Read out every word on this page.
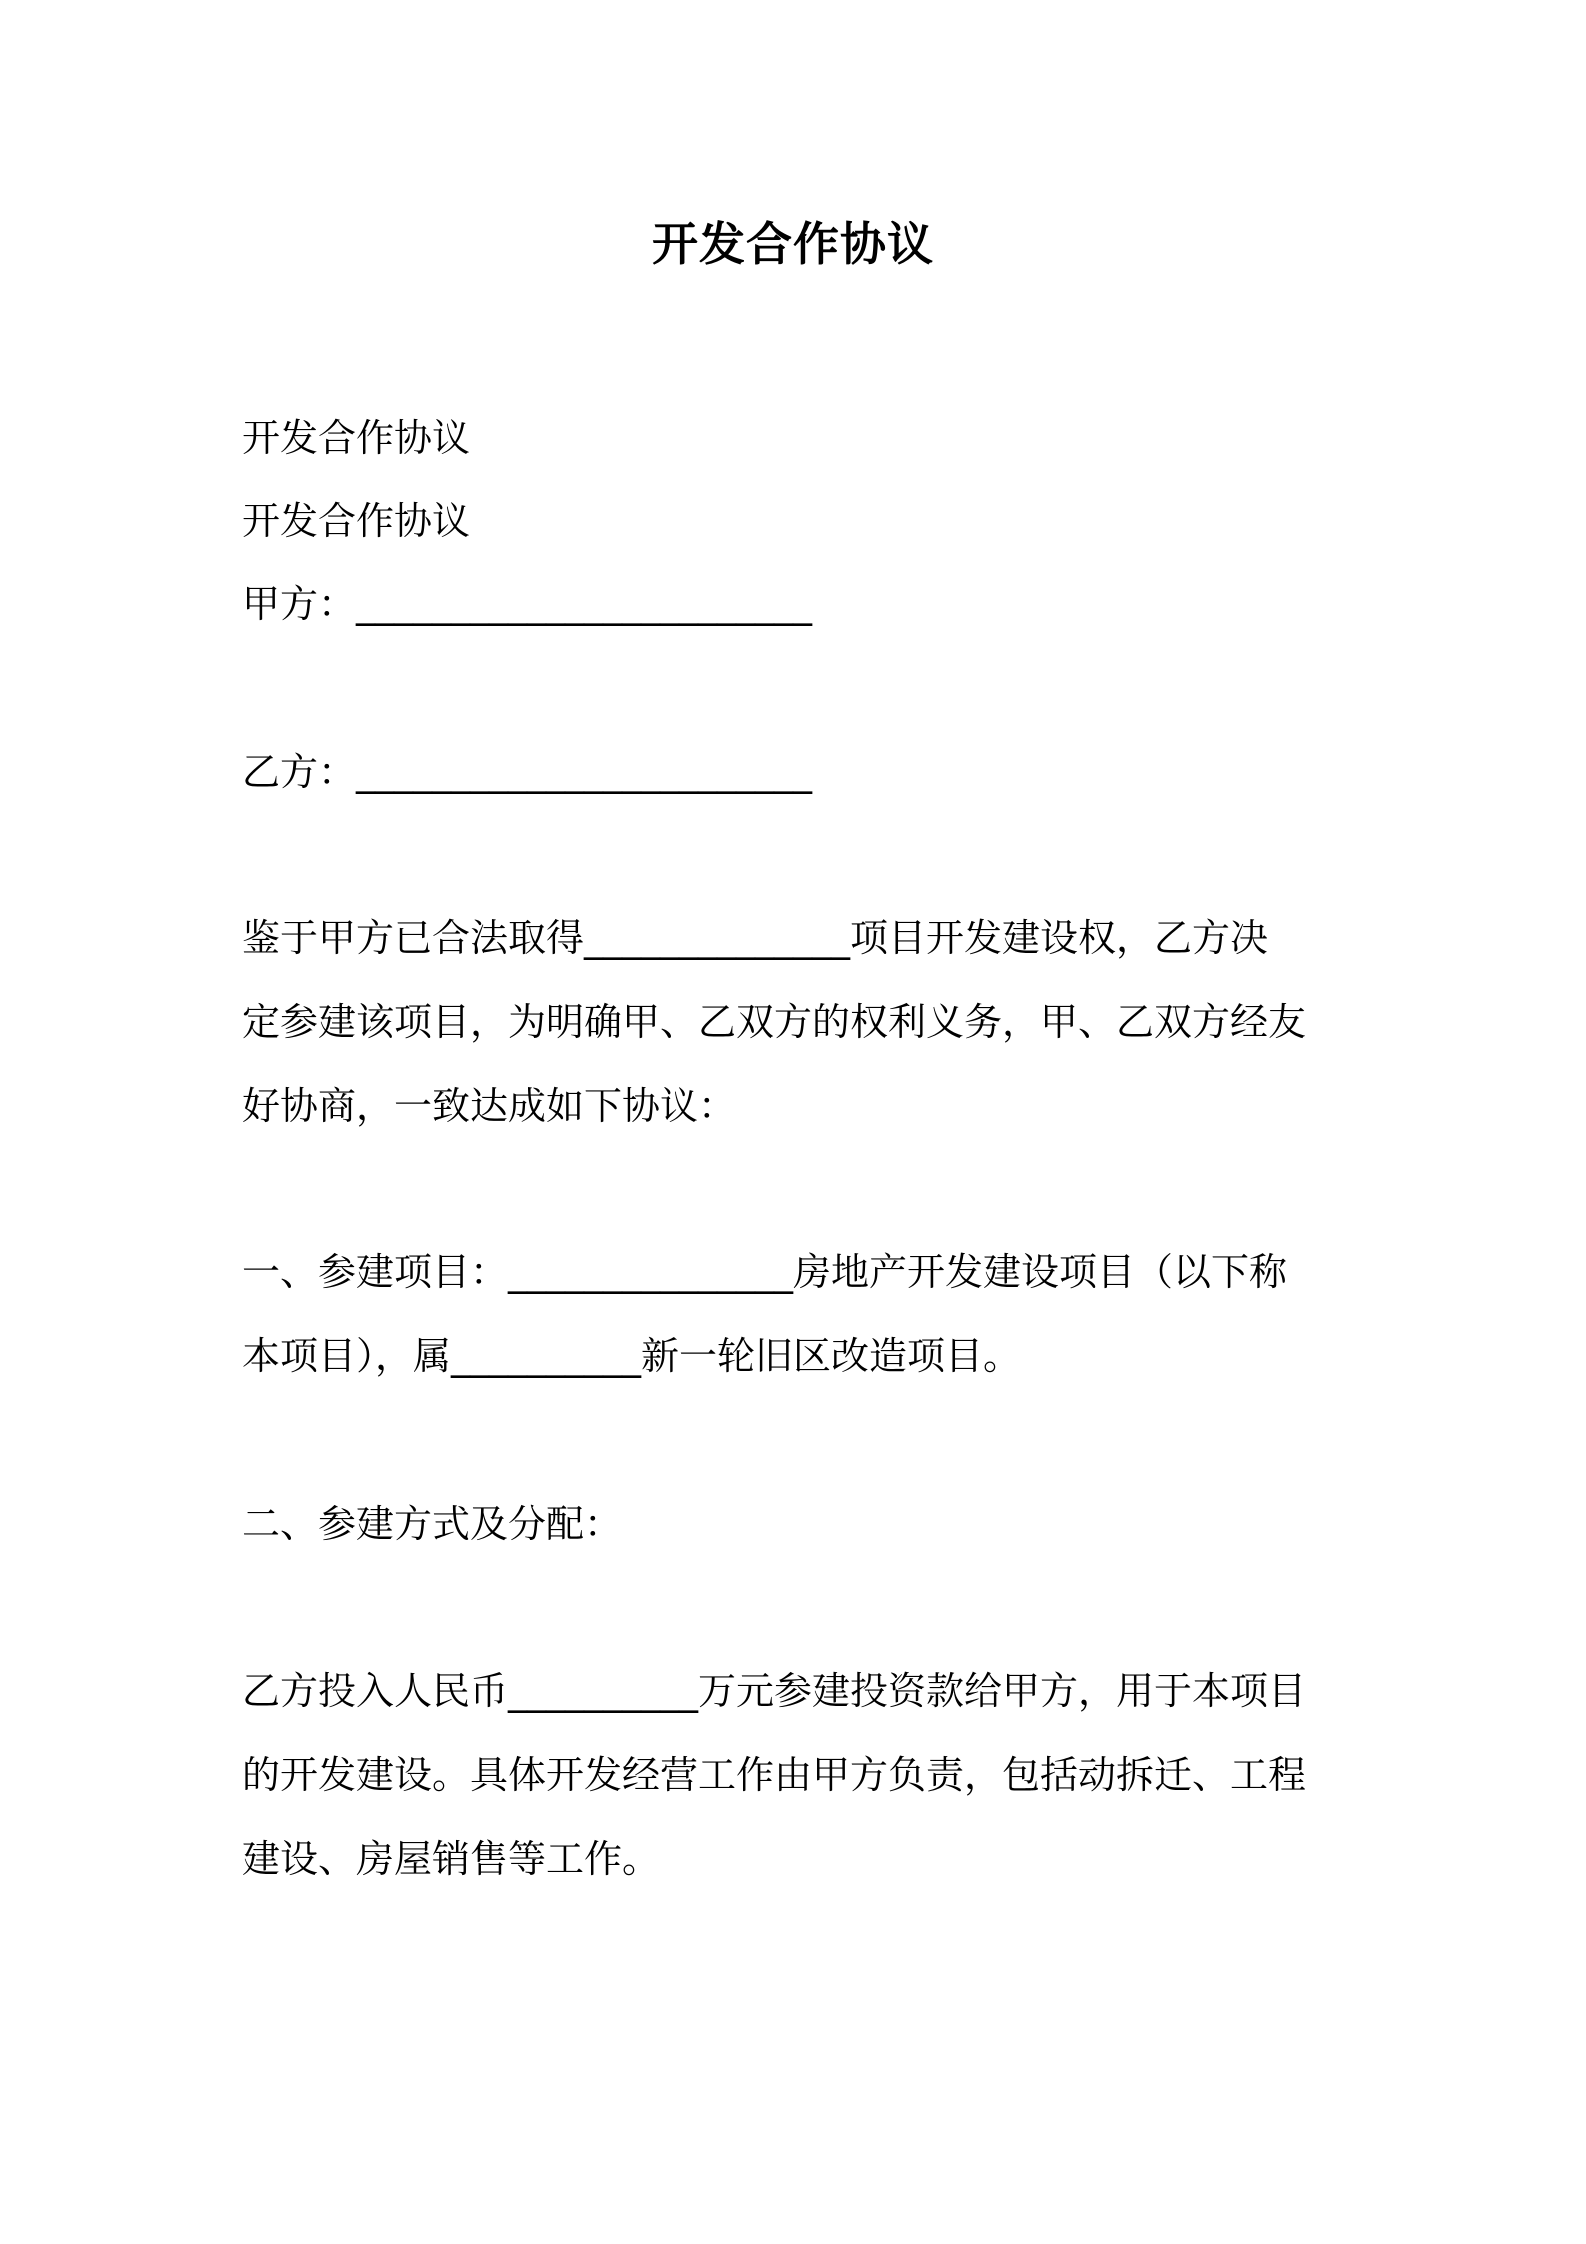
开发合作协议

开发合作协议

开发合作协议

甲方：________________________

乙方：________________________

鉴于甲方已合法取得______________项目开发建设权，乙方决
定参建该项目，为明确甲、乙双方的权利义务，甲、乙双方经友
好协商，一致达成如下协议：

一、参建项目：_______________房地产开发建设项目（以下称
本项目），属__________新一轮旧区改造项目。

二、参建方式及分配：

乙方投入人民币__________万元参建投资款给甲方，用于本项目
的开发建设。具体开发经营工作由甲方负责，包括动拆迁、工程
建设、房屋销售等工作。
